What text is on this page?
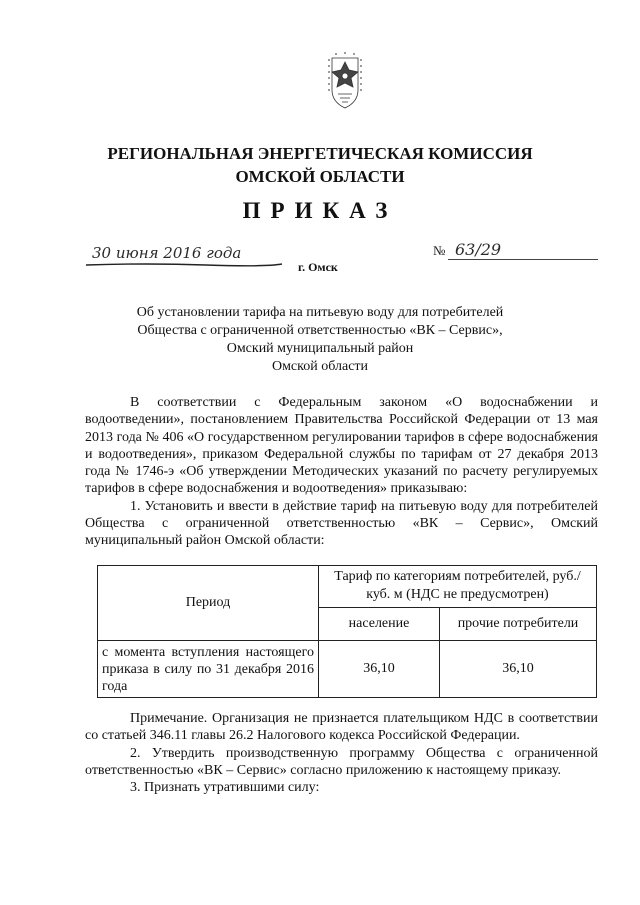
РЕГИОНАЛЬНАЯ ЭНЕРГЕТИЧЕСКАЯ КОМИССИЯ
ОМСКОЙ ОБЛАСТИ
ПРИКАЗ
30 июня 2016 года	№ 63/29
г. Омск
Об установлении тарифа на питьевую воду для потребителей
Общества с ограниченной ответственностью «ВК – Сервис»,
Омский муниципальный район
Омской области

В соответствии с Федеральным законом «О водоснабжении и водоотведении», постановлением Правительства Российской Федерации от 13 мая 2013 года № 406 «О государственном регулировании тарифов в сфере водоснабжения и водоотведения», приказом Федеральной службы по тарифам от 27 декабря 2013 года № 1746-э «Об утверждении Методических указаний по расчету регулируемых тарифов в сфере водоснабжения и водоотведения» приказываю:

1. Установить и ввести в действие тариф на питьевую воду для потребителей Общества с ограниченной ответственностью «ВК – Сервис», Омский муниципальный район Омской области:

Период	Тариф по категориям потребителей, руб./куб. м (НДС не предусмотрен)	
	население	прочие потребители
с момента вступления настоящего приказа в силу по 31 декабря 2016 года	36,10	36,10

Примечание. Организация не признается плательщиком НДС в соответствии со статьей 346.11 главы 26.2 Налогового кодекса Российской Федерации.

2. Утвердить производственную программу Общества с ограниченной ответственностью «ВК – Сервис» согласно приложению к настоящему приказу.

3. Признать утратившими силу:
